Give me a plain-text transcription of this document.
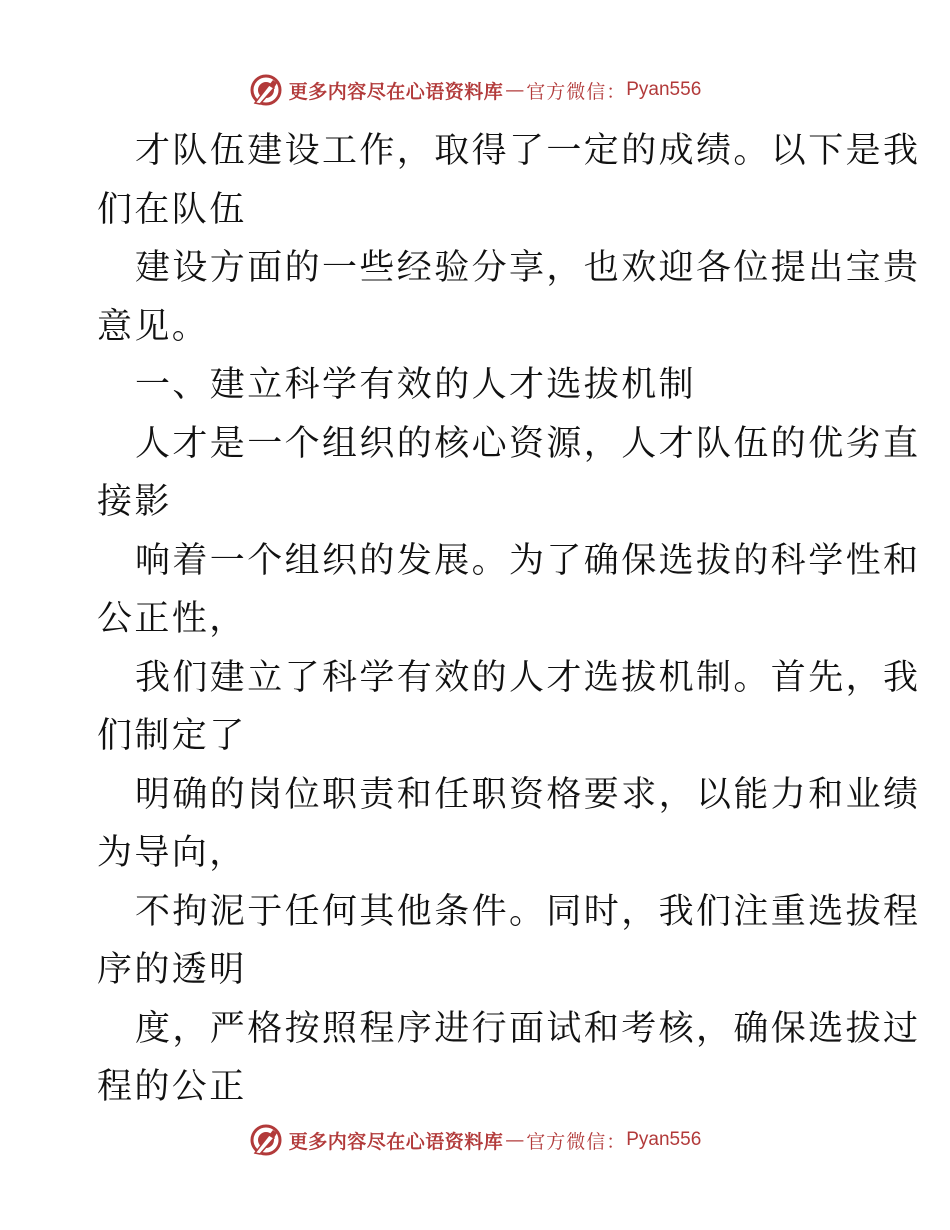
更多内容尽在心语资料库 — 官方微信： Pyan556
才队伍建设工作，取得了一定的成绩。以下是我
们在队伍
建设方面的一些经验分享，也欢迎各位提出宝贵
意见。
一、建立科学有效的人才选拔机制
人才是一个组织的核心资源，人才队伍的优劣直
接影
响着一个组织的发展。为了确保选拔的科学性和
公正性，
我们建立了科学有效的人才选拔机制。首先，我
们制定了
明确的岗位职责和任职资格要求，以能力和业绩
为导向，
不拘泥于任何其他条件。同时，我们注重选拔程
序的透明
度，严格按照程序进行面试和考核，确保选拔过
程的公正
更多内容尽在心语资料库 — 官方微信： Pyan556
